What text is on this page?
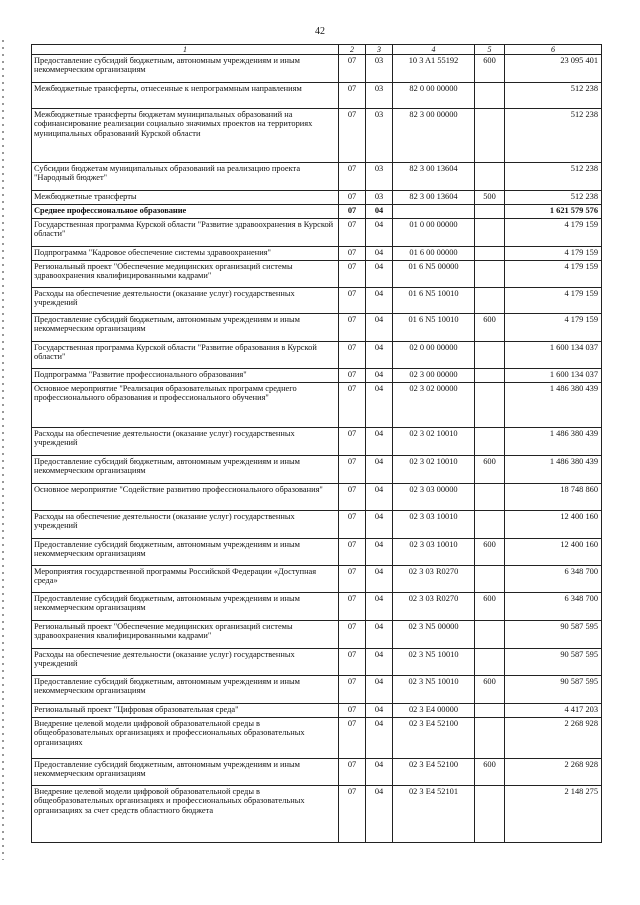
42
1	2	3	4	5	6
Предоставление субсидий бюджетным, автономным учреждениям и иным некоммерческим организациям	07	03	10 3 A1 55192	600	23 095 401
Межбюджетные трансферты, отнесенные к непрограммным направлениям	07	03	82 0 00 00000		512 238
Межбюджетные трансферты бюджетам муниципальных образований на софинансирование реализации социально значимых проектов на территориях муниципальных образований Курской области	07	03	82 3 00 00000		512 238
Субсидии бюджетам муниципальных образований на реализацию проекта "Народный бюджет"	07	03	82 3 00 13604		512 238
Межбюджетные трансферты	07	03	82 3 00 13604	500	512 238
Среднее профессиональное образование	07	04			1 621 579 576
Государственная программа Курской области "Развитие здравоохранения в Курской области"	07	04	01 0 00 00000		4 179 159
Подпрограмма "Кадровое обеспечение системы здравоохранения"	07	04	01 6 00 00000		4 179 159
Региональный проект "Обеспечение медицинских организаций системы здравоохранения квалифицированными кадрами"	07	04	01 6 N5 00000		4 179 159
Расходы на обеспечение деятельности (оказание услуг) государственных учреждений	07	04	01 6 N5 10010		4 179 159
Предоставление субсидий бюджетным, автономным учреждениям и иным некоммерческим организациям	07	04	01 6 N5 10010	600	4 179 159
Государственная программа Курской области "Развитие образования в Курской области"	07	04	02 0 00 00000		1 600 134 037
Подпрограмма "Развитие профессионального образования"	07	04	02 3 00 00000		1 600 134 037
Основное мероприятие "Реализация образовательных программ среднего профессионального образования и профессионального обучения"	07	04	02 3 02 00000		1 486 380 439
Расходы на обеспечение деятельности (оказание услуг) государственных учреждений	07	04	02 3 02 10010		1 486 380 439
Предоставление субсидий бюджетным, автономным учреждениям и иным некоммерческим организациям	07	04	02 3 02 10010	600	1 486 380 439
Основное мероприятие "Содействие развитию профессионального образования"	07	04	02 3 03 00000		18 748 860
Расходы на обеспечение деятельности (оказание услуг) государственных учреждений	07	04	02 3 03 10010		12 400 160
Предоставление субсидий бюджетным, автономным учреждениям и иным некоммерческим организациям	07	04	02 3 03 10010	600	12 400 160
Мероприятия государственной программы Российской Федерации «Доступная среда»	07	04	02 3 03 R0270		6 348 700
Предоставление субсидий бюджетным, автономным учреждениям и иным некоммерческим организациям	07	04	02 3 03 R0270	600	6 348 700
Региональный проект "Обеспечение медицинских организаций системы здравоохранения квалифицированными кадрами"	07	04	02 3 N5 00000		90 587 595
Расходы на обеспечение деятельности (оказание услуг) государственных учреждений	07	04	02 3 N5 10010		90 587 595
Предоставление субсидий бюджетным, автономным учреждениям и иным некоммерческим организациям	07	04	02 3 N5 10010	600	90 587 595
Региональный проект "Цифровая образовательная среда"	07	04	02 3 E4 00000		4 417 203
Внедрение целевой модели цифровой образовательной среды в общеобразовательных организациях и профессиональных образовательных организациях	07	04	02 3 E4 52100		2 268 928
Предоставление субсидий бюджетным, автономным учреждениям и иным некоммерческим организациям	07	04	02 3 E4 52100	600	2 268 928
Внедрение целевой модели цифровой образовательной среды в общеобразовательных организациях и профессиональных образовательных организациях за счет средств областного бюджета	07	04	02 3 E4 52101		2 148 275
